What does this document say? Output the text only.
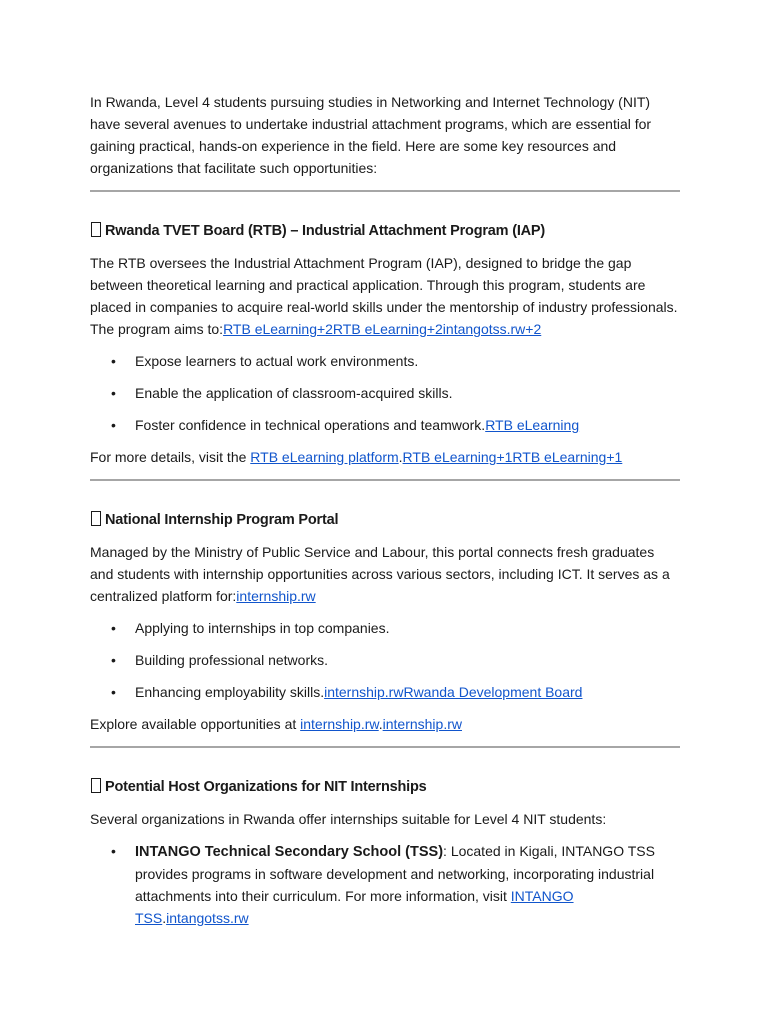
In Rwanda, Level 4 students pursuing studies in Networking and Internet Technology (NIT) have several avenues to undertake industrial attachment programs, which are essential for gaining practical, hands-on experience in the field. Here are some key resources and organizations that facilitate such opportunities:

Rwanda TVET Board (RTB) – Industrial Attachment Program (IAP)

The RTB oversees the Industrial Attachment Program (IAP), designed to bridge the gap between theoretical learning and practical application. Through this program, students are placed in companies to acquire real-world skills under the mentorship of industry professionals. The program aims to:RTB eLearning+2RTB eLearning+2intangotss.rw+2

• Expose learners to actual work environments.
• Enable the application of classroom-acquired skills.
• Foster confidence in technical operations and teamwork.RTB eLearning

For more details, visit the RTB eLearning platform.RTB eLearning+1RTB eLearning+1

National Internship Program Portal

Managed by the Ministry of Public Service and Labour, this portal connects fresh graduates and students with internship opportunities across various sectors, including ICT. It serves as a centralized platform for:internship.rw

• Applying to internships in top companies.
• Building professional networks.
• Enhancing employability skills.internship.rwRwanda Development Board

Explore available opportunities at internship.rw.internship.rw

Potential Host Organizations for NIT Internships

Several organizations in Rwanda offer internships suitable for Level 4 NIT students:

• INTANGO Technical Secondary School (TSS): Located in Kigali, INTANGO TSS provides programs in software development and networking, incorporating industrial attachments into their curriculum. For more information, visit INTANGO TSS.intangotss.rw
